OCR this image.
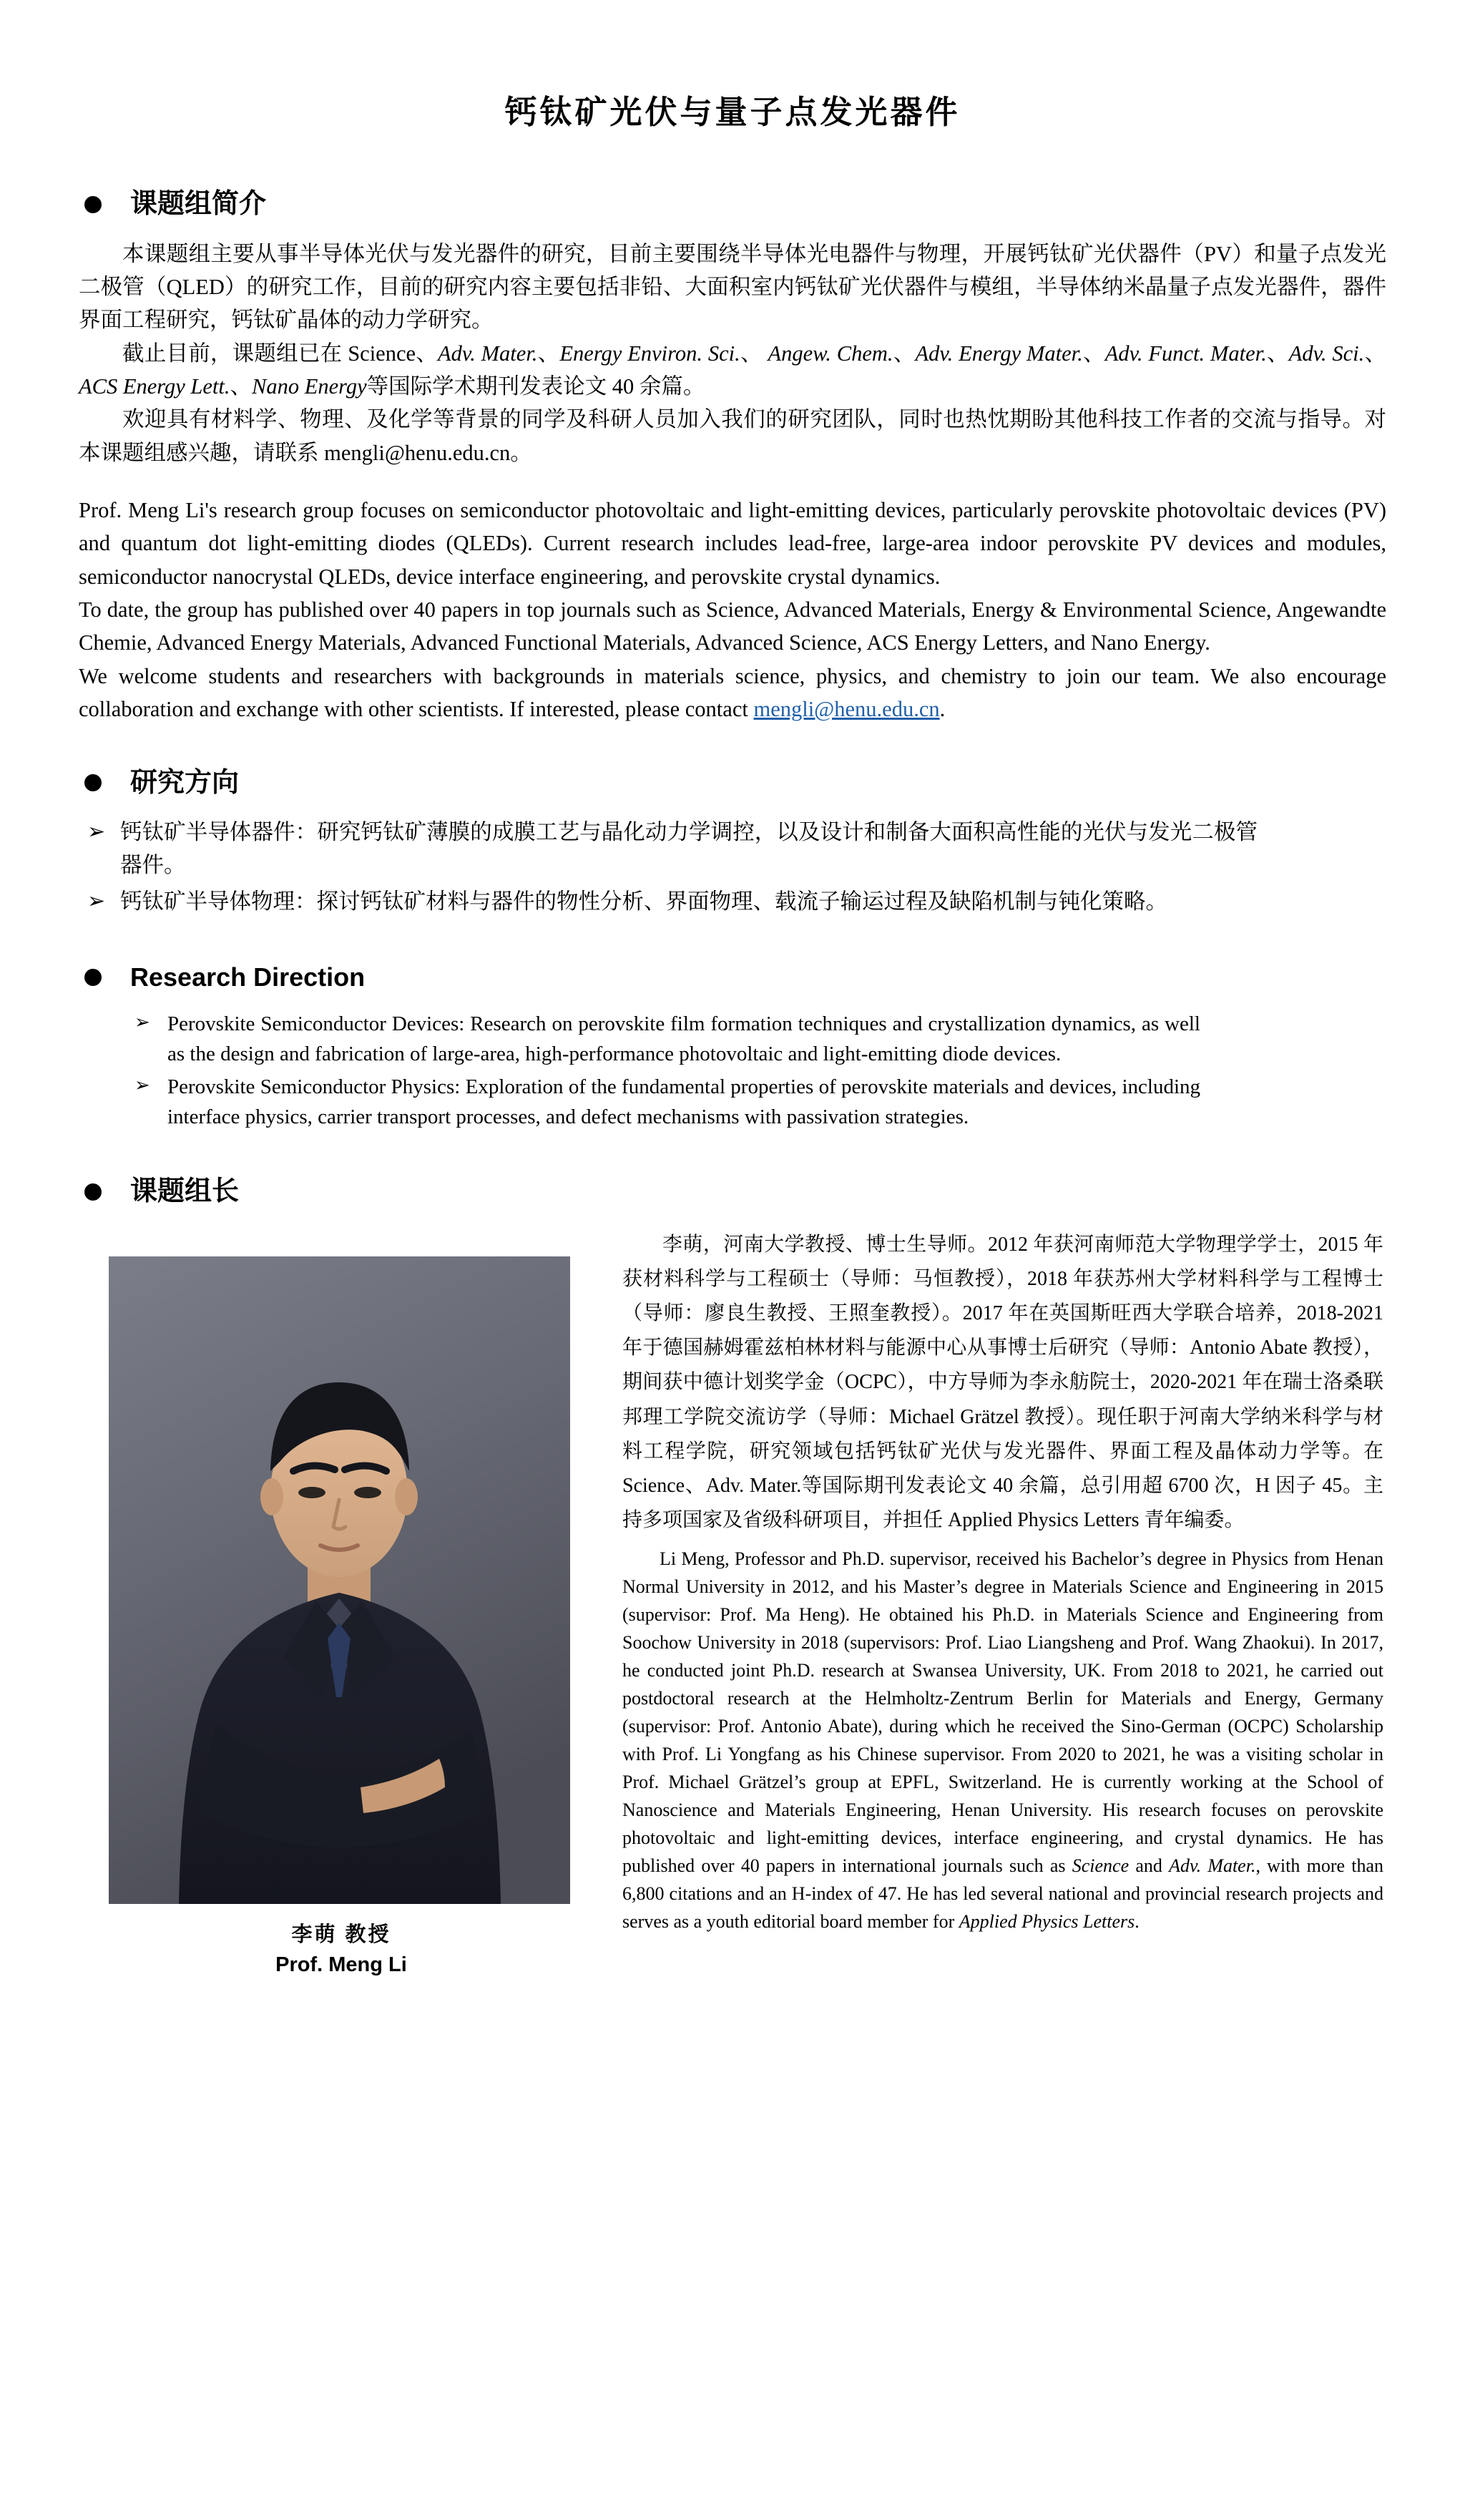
钙钛矿光伏与量子点发光器件
课题组简介

本课题组主要从事半导体光伏与发光器件的研究，目前主要围绕半导体光电器件与物理，开展钙钛矿光伏器件（PV）和量子点发光二极管（QLED）的研究工作，目前的研究内容主要包括非铅、大面积室内钙钛矿光伏器件与模组，半导体纳米晶量子点发光器件，器件界面工程研究，钙钛矿晶体的动力学研究。

截止目前，课题组已在 Science、Adv. Mater.、Energy Environ. Sci.、 Angew. Chem.、Adv. Energy Mater.、Adv. Funct. Mater.、Adv. Sci.、ACS Energy Lett.、Nano Energy等国际学术期刊发表论文 40 余篇。

欢迎具有材料学、物理、及化学等背景的同学及科研人员加入我们的研究团队，同时也热忱期盼其他科技工作者的交流与指导。对本课题组感兴趣，请联系 mengli@henu.edu.cn。

Prof. Meng Li's research group focuses on semiconductor photovoltaic and light-emitting devices, particularly perovskite photovoltaic devices (PV) and quantum dot light-emitting diodes (QLEDs). Current research includes lead-free, large-area indoor perovskite PV devices and modules, semiconductor nanocrystal QLEDs, device interface engineering, and perovskite crystal dynamics.

To date, the group has published over 40 papers in top journals such as Science, Advanced Materials, Energy & Environmental Science, Angewandte Chemie, Advanced Energy Materials, Advanced Functional Materials, Advanced Science, ACS Energy Letters, and Nano Energy.

We welcome students and researchers with backgrounds in materials science, physics, and chemistry to join our team. We also encourage collaboration and exchange with other scientists. If interested, please contact mengli@henu.edu.cn.

研究方向
➢ 钙钛矿半导体器件：研究钙钛矿薄膜的成膜工艺与晶化动力学调控，以及设计和制备大面积高性能的光伏与发光二极管器件。
➢ 钙钛矿半导体物理：探讨钙钛矿材料与器件的物性分析、界面物理、载流子输运过程及缺陷机制与钝化策略。
Research Direction
➢ Perovskite Semiconductor Devices: Research on perovskite film formation techniques and crystallization dynamics, as well as the design and fabrication of large-area, high-performance photovoltaic and light-emitting diode devices.
➢ Perovskite Semiconductor Physics: Exploration of the fundamental properties of perovskite materials and devices, including interface physics, carrier transport processes, and defect mechanisms with passivation strategies.
课题组长
李萌 教授
Prof. Meng Li

李萌，河南大学教授、博士生导师。2012 年获河南师范大学物理学学士，2015 年获材料科学与工程硕士（导师：马恒教授），2018 年获苏州大学材料科学与工程博士（导师：廖良生教授、王照奎教授）。2017 年在英国斯旺西大学联合培养，2018-2021 年于德国赫姆霍兹柏林材料与能源中心从事博士后研究（导师：Antonio Abate 教授），期间获中德计划奖学金（OCPC），中方导师为李永舫院士，2020-2021 年在瑞士洛桑联邦理工学院交流访学（导师：Michael Grätzel 教授）。现任职于河南大学纳米科学与材料工程学院，研究领域包括钙钛矿光伏与发光器件、界面工程及晶体动力学等。在 Science、Adv. Mater.等国际期刊发表论文 40 余篇，总引用超 6700 次，H 因子 45。主持多项国家及省级科研项目，并担任 Applied Physics Letters 青年编委。

Li Meng, Professor and Ph.D. supervisor, received his Bachelor’s degree in Physics from Henan Normal University in 2012, and his Master’s degree in Materials Science and Engineering in 2015 (supervisor: Prof. Ma Heng). He obtained his Ph.D. in Materials Science and Engineering from Soochow University in 2018 (supervisors: Prof. Liao Liangsheng and Prof. Wang Zhaokui). In 2017, he conducted joint Ph.D. research at Swansea University, UK. From 2018 to 2021, he carried out postdoctoral research at the Helmholtz-Zentrum Berlin for Materials and Energy, Germany (supervisor: Prof. Antonio Abate), during which he received the Sino-German (OCPC) Scholarship with Prof. Li Yongfang as his Chinese supervisor. From 2020 to 2021, he was a visiting scholar in Prof. Michael Grätzel’s group at EPFL, Switzerland. He is currently working at the School of Nanoscience and Materials Engineering, Henan University. His research focuses on perovskite photovoltaic and light-emitting devices, interface engineering, and crystal dynamics. He has published over 40 papers in international journals such as Science and Adv. Mater., with more than 6,800 citations and an H-index of 47. He has led several national and provincial research projects and serves as a youth editorial board member for Applied Physics Letters.
